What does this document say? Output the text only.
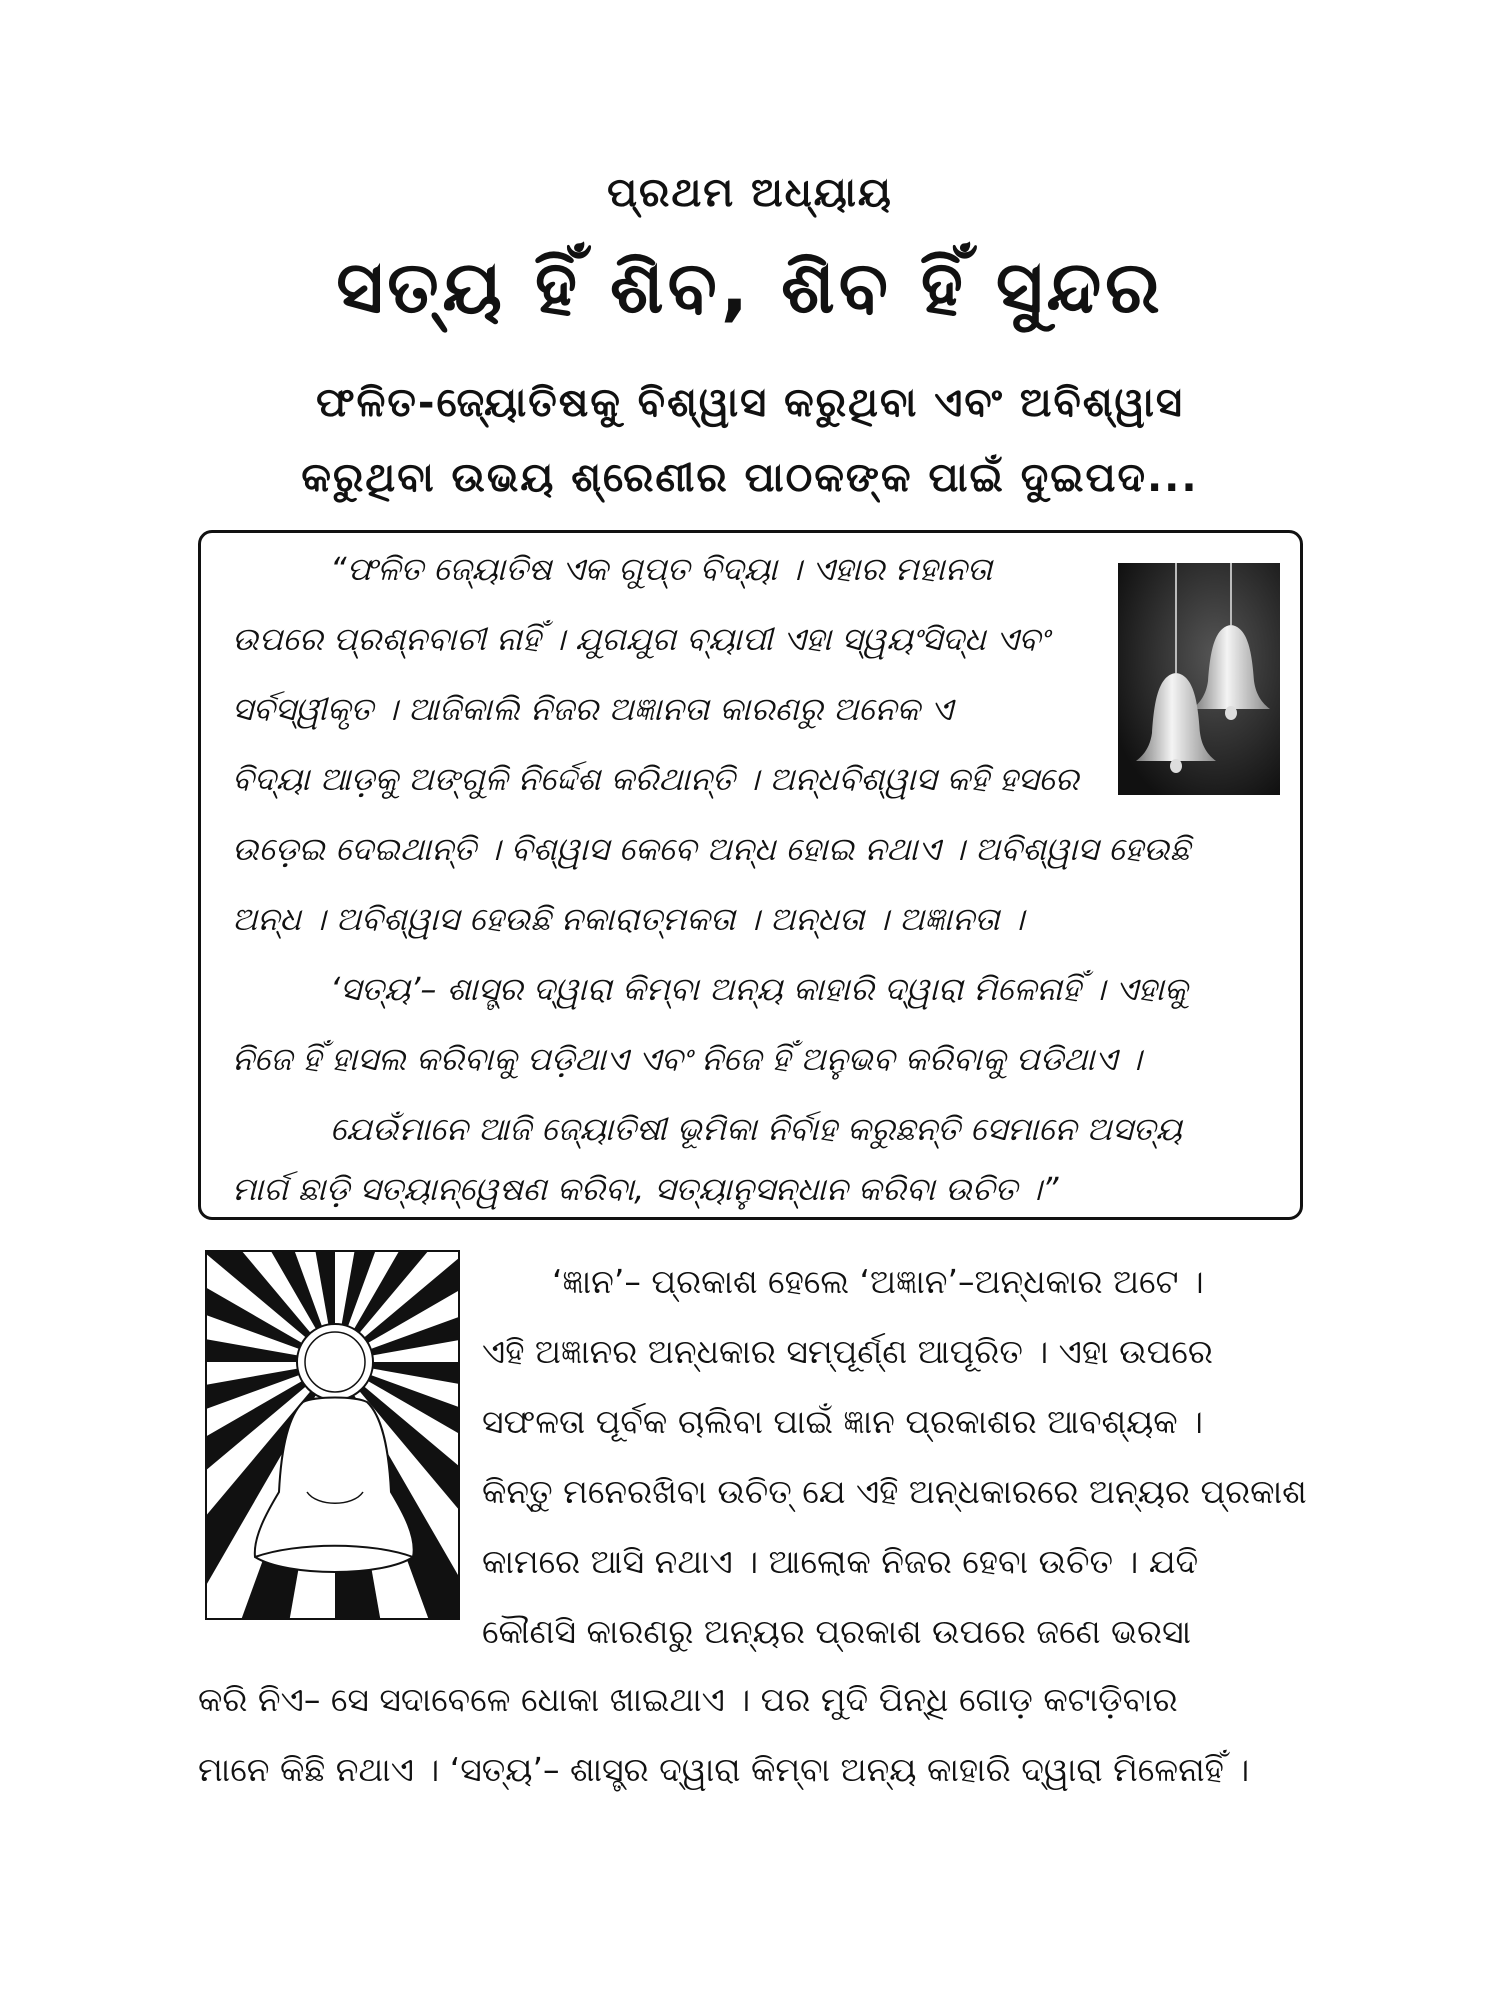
ପ୍ରଥମ ଅଧ୍ୟାୟ
ସତ୍ୟ ହିଁ ଶିବ, ଶିବ ହିଁ ସୁନ୍ଦର
ଫଳିତ-ଜ୍ୟୋତିଷକୁ ବିଶ୍ୱାସ କରୁଥିବା ଏବଂ ଅବିଶ୍ୱାସ
କରୁଥିବା ଉଭୟ ଶ୍ରେଣୀର ପାଠକଙ୍କ ପାଇଁ ଦୁଇପଦ...
“ଫଳିତ ଜ୍ୟୋତିଷ ଏକ ଗୁପ୍ତ ବିଦ୍ୟା । ଏହାର ମହାନତା
ଉପରେ ପ୍ରଶ୍ନବାଚୀ ନାହିଁ । ଯୁଗଯୁଗ ବ୍ୟାପୀ ଏହା ସ୍ୱୟଂସିଦ୍ଧ ଏବଂ
ସର୍ବସ୍ୱୀକୃତ । ଆଜିକାଲି ନିଜର ଅଜ୍ଞାନତା କାରଣରୁ ଅନେକ ଏ
ବିଦ୍ୟା ଆଡ଼କୁ ଅଙ୍ଗୁଳି ନିର୍ଦ୍ଦେଶ କରିଥାନ୍ତି । ଅନ୍ଧବିଶ୍ୱାସ କହି ହସରେ
ଉଡ଼େଇ ଦେଇଥାନ୍ତି । ବିଶ୍ୱାସ କେବେ ଅନ୍ଧ ହୋଇ ନଥାଏ । ଅବିଶ୍ୱାସ ହେଉଛି
ଅନ୍ଧ । ଅବିଶ୍ୱାସ ହେଉଛି ନକାରାତ୍ମକତା । ଅନ୍ଧତା । ଅଜ୍ଞାନତା ।
‘ସତ୍ୟ’– ଶାସ୍ତ୍ର ଦ୍ୱାରା କିମ୍ବା ଅନ୍ୟ କାହାରି ଦ୍ୱାରା ମିଳେନାହିଁ । ଏହାକୁ
ନିଜେ ହିଁ ହାସଲ କରିବାକୁ ପଡ଼ିଥାଏ ଏବଂ ନିଜେ ହିଁ ଅନୁଭବ କରିବାକୁ ପଡିଥାଏ ।
ଯେଉଁମାନେ ଆଜି ଜ୍ୟୋତିଷୀ ଭୂମିକା ନିର୍ବାହ କରୁଛନ୍ତି ସେମାନେ ଅସତ୍ୟ
ମାର୍ଗ ଛାଡ଼ି ସତ୍ୟାନ୍ୱେଷଣ କରିବା, ସତ୍ୟାନୁସନ୍ଧାନ କରିବା ଉଚିତ ।”
‘ଜ୍ଞାନ’– ପ୍ରକାଶ ହେଲେ ‘ଅଜ୍ଞାନ’–ଅନ୍ଧକାର ଅଟେ ।
ଏହି ଅଜ୍ଞାନର ଅନ୍ଧକାର ସମ୍ପୂର୍ଣ୍ଣ ଆପୂରିତ । ଏହା ଉପରେ
ସଫଳତା ପୂର୍ବକ ଚାଲିବା ପାଇଁ ଜ୍ଞାନ ପ୍ରକାଶର ଆବଶ୍ୟକ ।
କିନ୍ତୁ ମନେରଖିବା ଉଚିତ୍ ଯେ ଏହି ଅନ୍ଧକାରରେ ଅନ୍ୟର ପ୍ରକାଶ
କାମରେ ଆସି ନଥାଏ । ଆଲୋକ ନିଜର ହେବା ଉଚିତ । ଯଦି
କୌଣସି କାରଣରୁ ଅନ୍ୟର ପ୍ରକାଶ ଉପରେ ଜଣେ ଭରସା
କରି ନିଏ– ସେ ସଦାବେଳେ ଧୋକା ଖାଇଥାଏ । ପର ମୁଦି ପିନ୍ଧି ଗୋଡ଼ କଟାଡ଼ିବାର
ମାନେ କିଛି ନଥାଏ । ‘ସତ୍ୟ’– ଶାସ୍ତ୍ର ଦ୍ୱାରା କିମ୍ବା ଅନ୍ୟ କାହାରି ଦ୍ୱାରା ମିଳେନାହିଁ ।
